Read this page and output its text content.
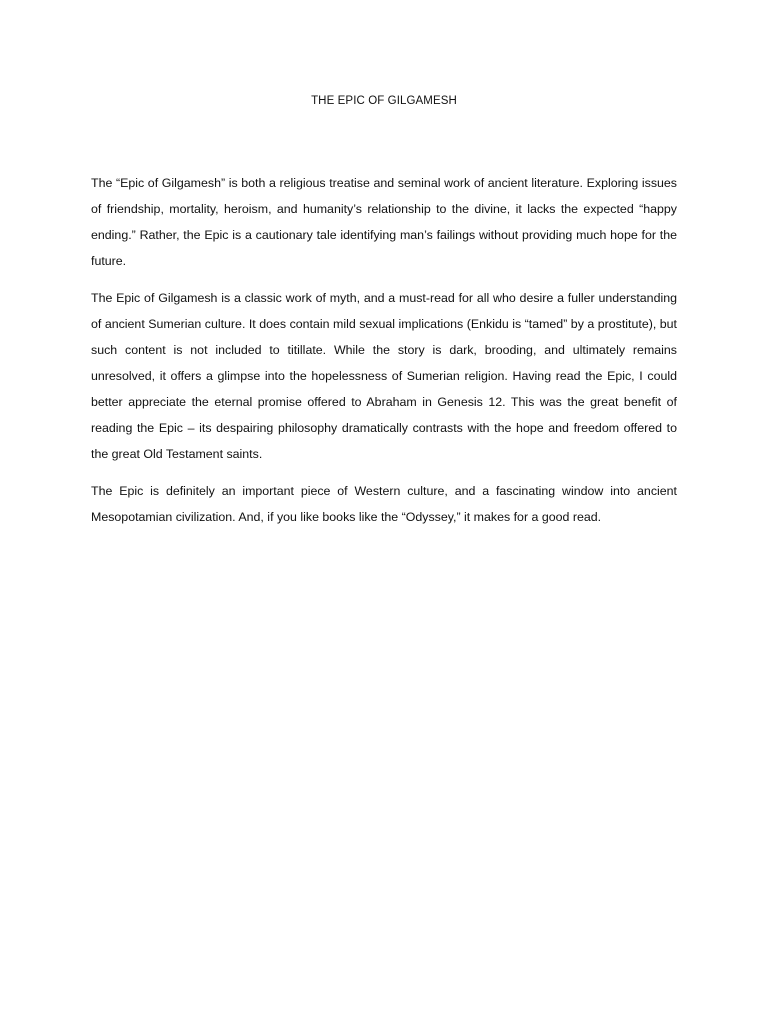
THE EPIC OF GILGAMESH

The “Epic of Gilgamesh” is both a religious treatise and seminal work of ancient literature. Exploring issues of friendship, mortality, heroism, and humanity’s relationship to the divine, it lacks the expected “happy ending.” Rather, the Epic is a cautionary tale identifying man’s failings without providing much hope for the future.

The Epic of Gilgamesh is a classic work of myth, and a must-read for all who desire a fuller understanding of ancient Sumerian culture. It does contain mild sexual implications (Enkidu is “tamed” by a prostitute), but such content is not included to titillate. While the story is dark, brooding, and ultimately remains unresolved, it offers a glimpse into the hopelessness of Sumerian religion. Having read the Epic, I could better appreciate the eternal promise offered to Abraham in Genesis 12. This was the great benefit of reading the Epic – its despairing philosophy dramatically contrasts with the hope and freedom offered to the great Old Testament saints.

The Epic is definitely an important piece of Western culture, and a fascinating window into ancient Mesopotamian civilization. And, if you like books like the “Odyssey,” it makes for a good read.
